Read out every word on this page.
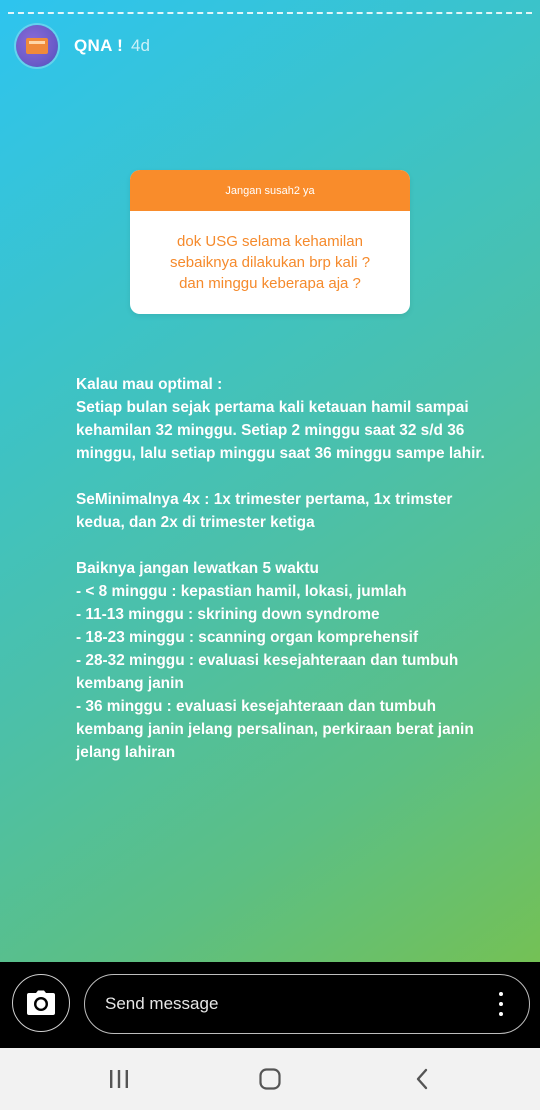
QNA ! 4d
Jangan susah2 ya
dok USG selama kehamilan
sebaiknya dilakukan brp kali ?
dan minggu keberapa aja ?
Kalau mau optimal :
Setiap bulan sejak pertama kali ketauan hamil sampai kehamilan 32 minggu. Setiap 2 minggu saat 32 s/d 36 minggu, lalu setiap minggu saat 36 minggu sampe lahir.

SeMinimalnya 4x : 1x trimester pertama, 1x trimster kedua, dan 2x di trimester ketiga

Baiknya jangan lewatkan 5 waktu
- < 8 minggu : kepastian hamil, lokasi, jumlah
- 11-13 minggu : skrining down syndrome
- 18-23 minggu : scanning organ komprehensif
- 28-32 minggu : evaluasi kesejahteraan dan tumbuh kembang janin
- 36 minggu : evaluasi kesejahteraan dan tumbuh kembang janin jelang persalinan, perkiraan berat janin jelang lahiran
Send message
